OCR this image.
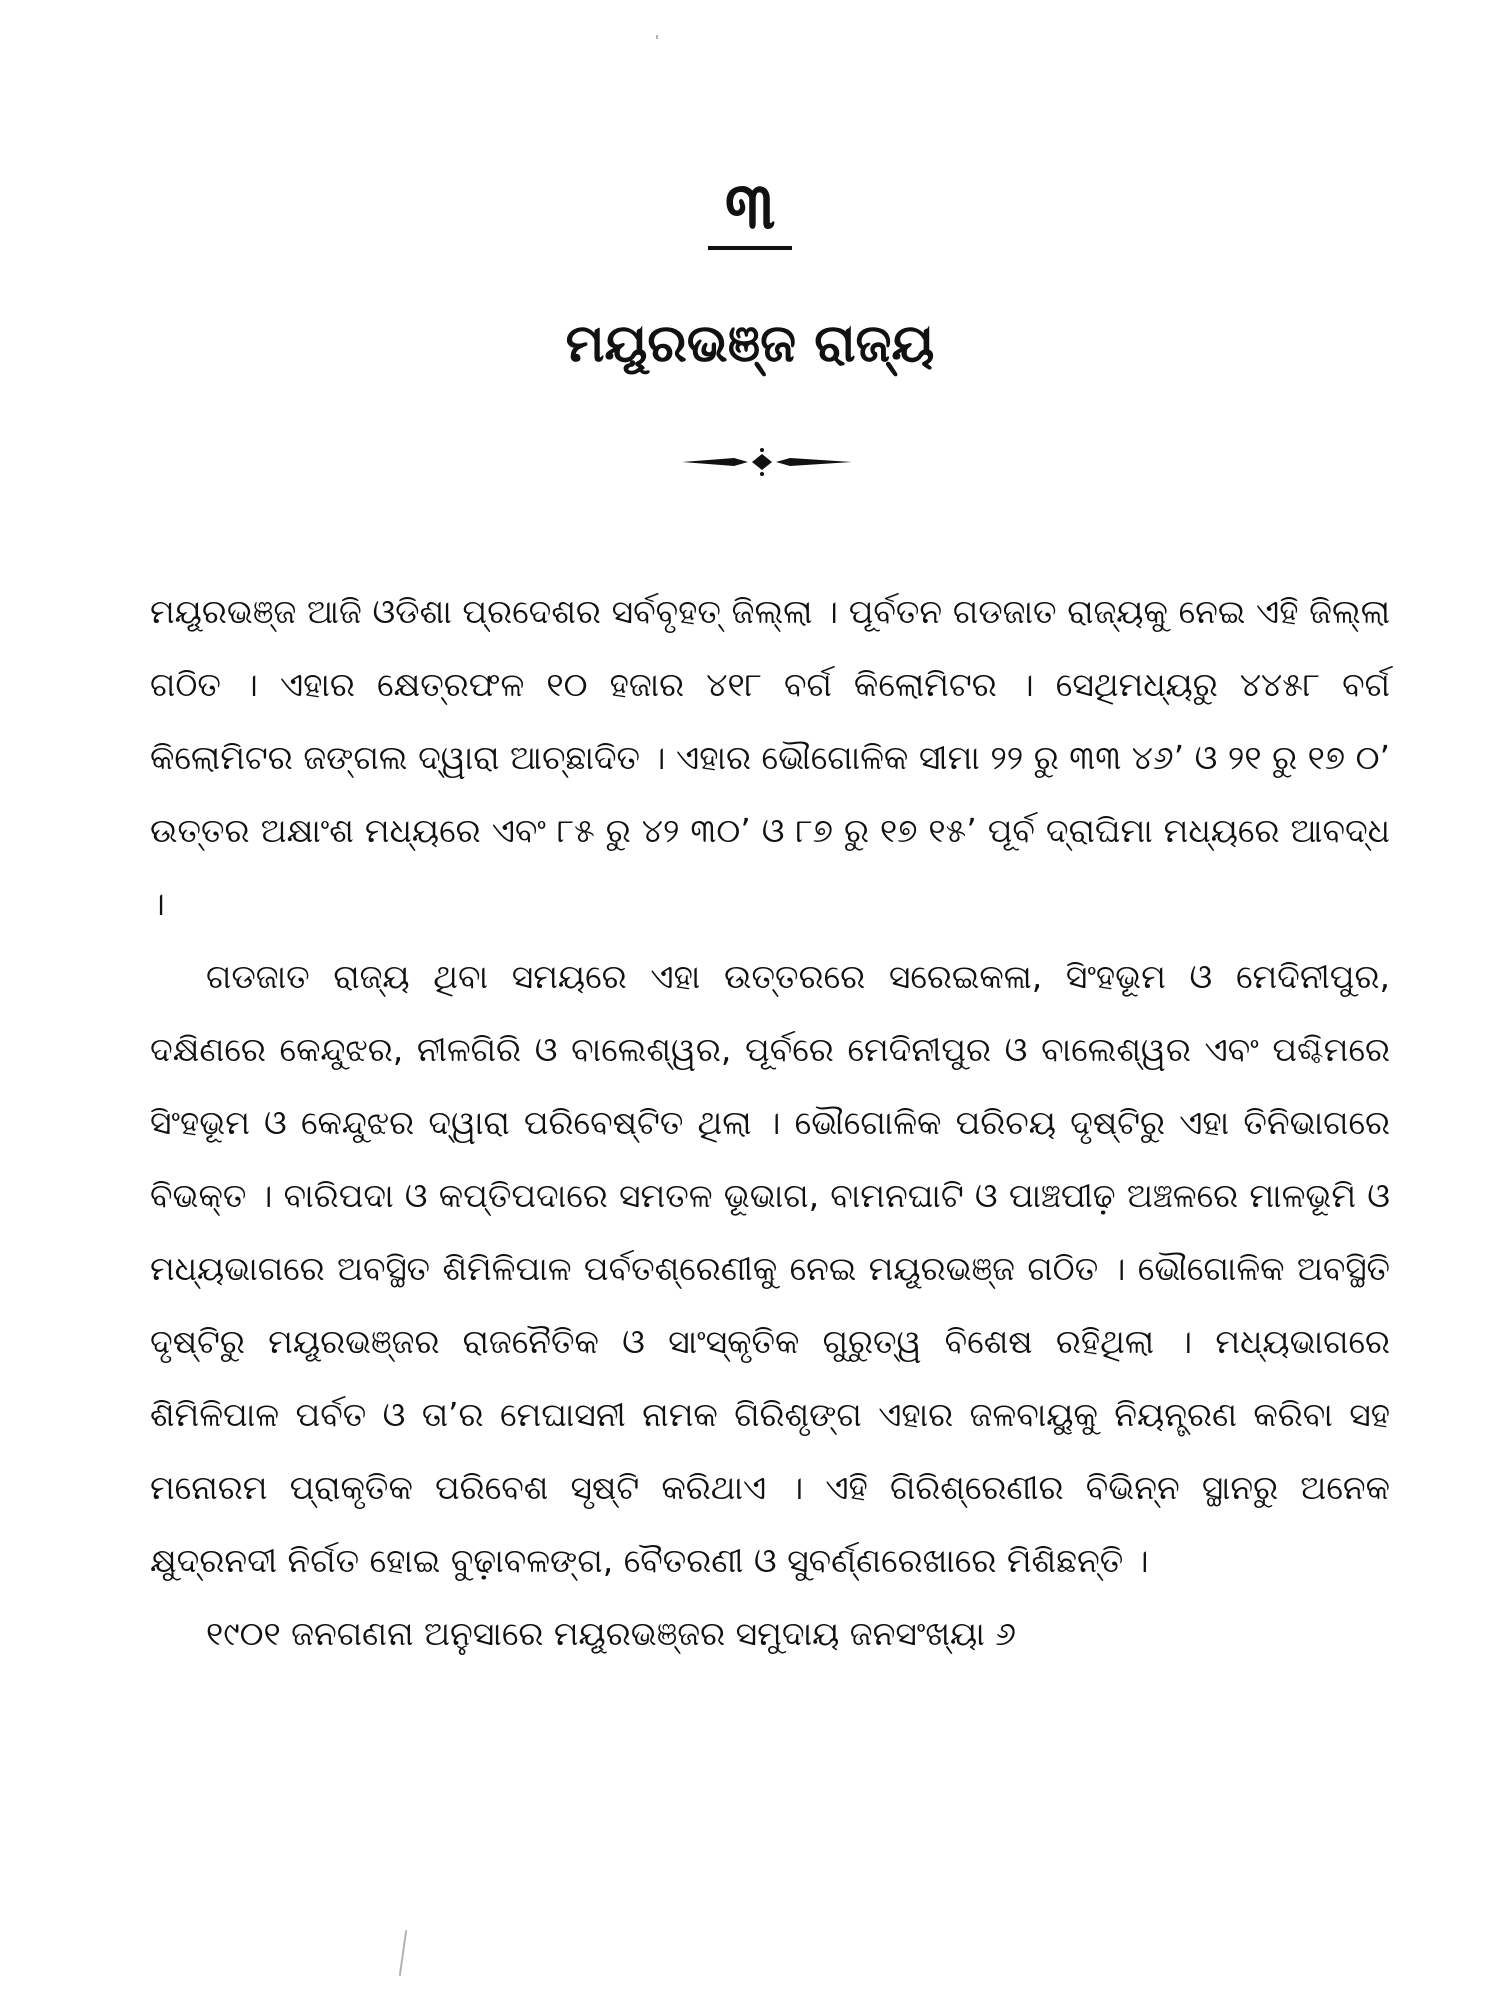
୩
ମୟୂରଭଞ୍ଜ ରାଜ୍ୟ

ମୟୂରଭଞ୍ଜ ଆଜି ଓଡିଶା ପ୍ରଦେଶର ସର୍ବବୃହତ୍ ଜିଲ୍ଲା । ପୂର୍ବତନ ଗଡଜାତ ରାଜ୍ୟକୁ ନେଇ ଏହି ଜିଲ୍ଲା ଗଠିତ । ଏହାର କ୍ଷେତ୍ରଫଳ ୧୦ ହଜାର ୪୧୮ ବର୍ଗ କିଲୋମିଟର । ସେଥିମଧ୍ୟରୁ ୪୪୫୮ ବର୍ଗ କିଲୋମିଟର ଜଙ୍ଗଲ ଦ୍ୱାରା ଆଚ୍ଛାଦିତ । ଏହାର ଭୌଗୋଳିକ ସୀମା ୨୨ ରୁ ୩୩ ୪୬’ ଓ ୨୧ ରୁ ୧୭ ୦’ ଉତ୍ତର ଅକ୍ଷାଂଶ ମଧ୍ୟରେ ଏବଂ ୮୫ ରୁ ୪୨ ୩୦’ ଓ ୮୭ ରୁ ୧୭ ୧୫’ ପୂର୍ବ ଦ୍ରାଘିମା ମଧ୍ୟରେ ଆବଦ୍ଧ ।

ଗଡଜାତ ରାଜ୍ୟ ଥିବା ସମୟରେ ଏହା ଉତ୍ତରରେ ସରେଇକଳା, ସିଂହଭୂମ ଓ ମେଦିନୀପୁର, ଦକ୍ଷିଣରେ କେନ୍ଦୁଝର, ନୀଳଗିରି ଓ ବାଲେଶ୍ୱର, ପୂର୍ବରେ ମେଦିନୀପୁର ଓ ବାଲେଶ୍ୱର ଏବଂ ପଶ୍ଚିମରେ ସିଂହଭୂମ ଓ କେନ୍ଦୁଝର ଦ୍ୱାରା ପରିବେଷ୍ଟିତ ଥିଲା । ଭୌଗୋଳିକ ପରିଚୟ ଦୃଷ୍ଟିରୁ ଏହା ତିନିଭାଗରେ ବିଭକ୍ତ । ବାରିପଦା ଓ କପ୍ତିପଦାରେ ସମତଳ ଭୂଭାଗ, ବାମନଘାଟି ଓ ପାଞ୍ଚପୀଢ଼ ଅଞ୍ଚଳରେ ମାଳଭୂମି ଓ ମଧ୍ୟଭାଗରେ ଅବସ୍ଥିତ ଶିମିଳିପାଳ ପର୍ବତଶ୍ରେଣୀକୁ ନେଇ ମୟୂରଭଞ୍ଜ ଗଠିତ । ଭୌଗୋଳିକ ଅବସ୍ଥିତି ଦୃଷ୍ଟିରୁ ମୟୂରଭଞ୍ଜର ରାଜନୈତିକ ଓ ସାଂସ୍କୃତିକ ଗୁରୁତ୍ୱ ବିଶେଷ ରହିଥିଲା । ମଧ୍ୟଭାଗରେ ଶିମିଳିପାଳ ପର୍ବତ ଓ ତା’ର ମେଘାସନୀ ନାମକ ଗିରିଶୃଙ୍ଗ ଏହାର ଜଳବାୟୁକୁ ନିୟନ୍ତ୍ରଣ କରିବା ସହ ମନୋରମ ପ୍ରାକୃତିକ ପରିବେଶ ସୃଷ୍ଟି କରିଥାଏ । ଏହି ଗିରିଶ୍ରେଣୀର ବିଭିନ୍ନ ସ୍ଥାନରୁ ଅନେକ କ୍ଷୁଦ୍ରନଦୀ ନିର୍ଗତ ହୋଇ ବୁଢ଼ାବଳଙ୍ଗ, ବୈତରଣୀ ଓ ସୁବର୍ଣ୍ଣରେଖାରେ ମିଶିଛନ୍ତି ।

୧୯୦୧ ଜନଗଣନା ଅନୁସାରେ ମୟୂରଭଞ୍ଜର ସମୁଦାୟ ଜନସଂଖ୍ୟା ୬
